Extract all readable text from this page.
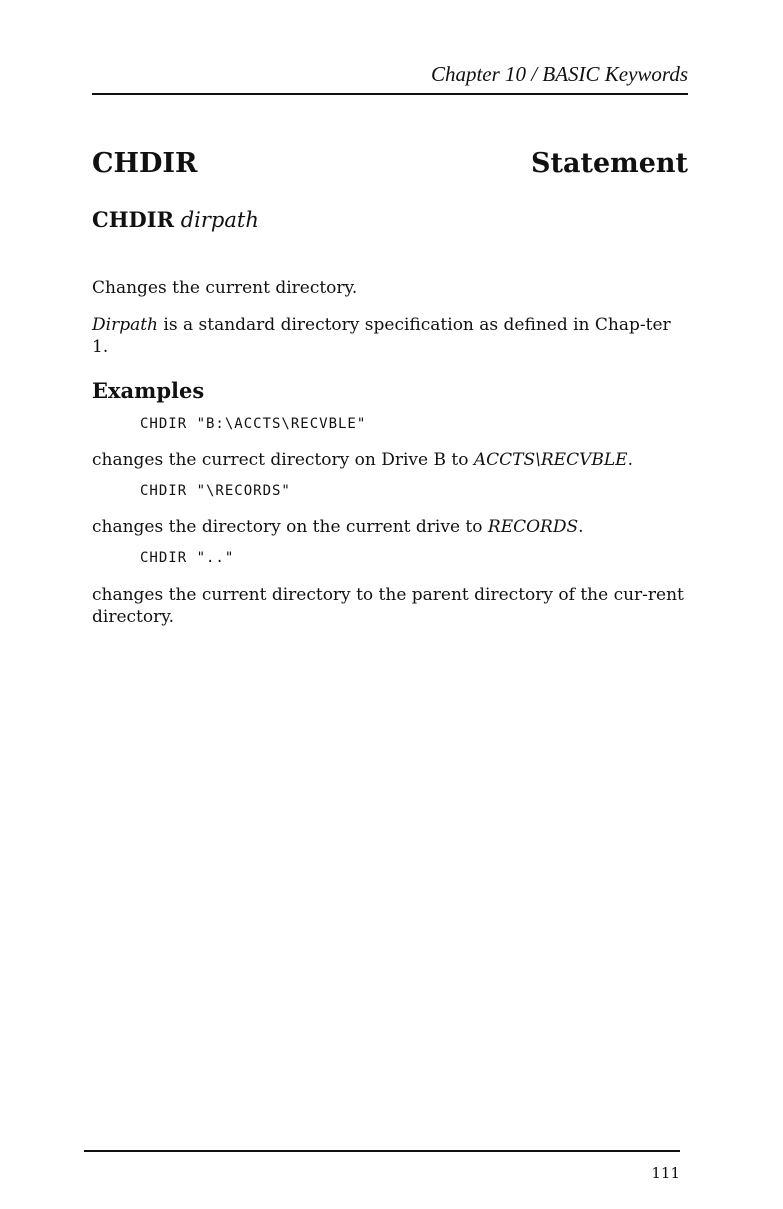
Chapter 10 / BASIC Keywords
CHDIR	Statement
CHDIR dirpath

Changes the current directory.

Dirpath is a standard directory specification as defined in Chap-ter 1.

Examples
CHDIR "B:\ACCTS\RECVBLE"

changes the currect directory on Drive B to ACCTS\RECVBLE.

CHDIR "\RECORDS"

changes the directory on the current drive to RECORDS.

CHDIR ".."

changes the current directory to the parent directory of the cur-rent directory.

111
